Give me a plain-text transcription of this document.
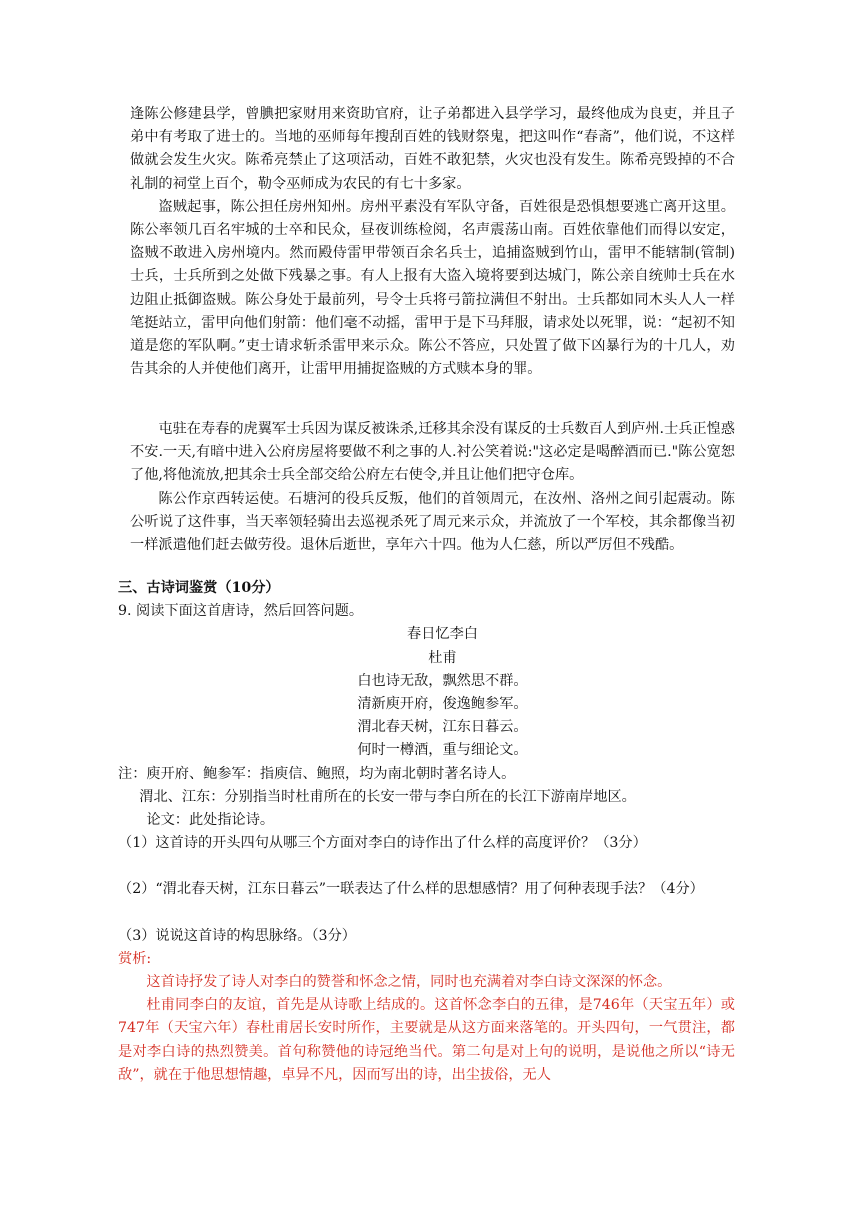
逢陈公修建县学，曾腆把家财用来资助官府，让子弟都进入县学学习，最终他成为良吏，并且子弟中有考取了进士的。当地的巫师每年搜刮百姓的钱财祭鬼，把这叫作“春斋”，他们说，不这样做就会发生火灾。陈希亮禁止了这项活动，百姓不敢犯禁，火灾也没有发生。陈希亮毁掉的不合礼制的祠堂上百个，勒令巫师成为农民的有七十多家。

盗贼起事，陈公担任房州知州。房州平素没有军队守备，百姓很是恐惧想要逃亡离开这里。陈公率领几百名牢城的士卒和民众，昼夜训练检阅，名声震荡山南。百姓依靠他们而得以安定，盗贼不敢进入房州境内。然而殿侍雷甲带领百余名兵士，追捕盗贼到竹山，雷甲不能辖制(管制)士兵，士兵所到之处做下残暴之事。有人上报有大盗入境将要到达城门，陈公亲自统帅士兵在水边阻止抵御盗贼。陈公身处于最前列，号令士兵将弓箭拉满但不射出。士兵都如同木头人人一样笔挺站立，雷甲向他们射箭：他们毫不动摇，雷甲于是下马拜服，请求处以死罪，说：“起初不知道是您的军队啊。”吏士请求斩杀雷甲来示众。陈公不答应，只处置了做下凶暴行为的十几人，劝告其余的人并使他们离开，让雷甲用捕捉盗贼的方式赎本身的罪。

屯驻在寿春的虎翼军士兵因为谋反被诛杀,迁移其余没有谋反的士兵数百人到庐州.士兵正惶惑不安.一天,有暗中进入公府房屋将要做不利之事的人.衬公笑着说:"这必定是喝醉酒而已."陈公宽恕了他,将他流放,把其余士兵全部交给公府左右使令,并且让他们把守仓库。

陈公作京西转运使。石塘河的役兵反叛，他们的首领周元，在汝州、洛州之间引起震动。陈公听说了这件事，当天率领轻骑出去巡视杀死了周元来示众，并流放了一个军校，其余都像当初一样派遣他们赶去做劳役。退休后逝世，享年六十四。他为人仁慈，所以严厉但不残酷。

三、古诗词鉴赏（10分）

9. 阅读下面这首唐诗，然后回答问题。

春日忆李白

杜甫

白也诗无敌，飘然思不群。

清新庾开府，俊逸鲍参军。

渭北春天树，江东日暮云。

何时一樽酒，重与细论文。

注：庾开府、鲍参军：指庾信、鲍照，均为南北朝时著名诗人。

渭北、江东：分别指当时杜甫所在的长安一带与李白所在的长江下游南岸地区。

论文：此处指论诗。

（1）这首诗的开头四句从哪三个方面对李白的诗作出了什么样的高度评价？（3分）

（2）“渭北春天树，江东日暮云”一联表达了什么样的思想感情？用了何种表现手法？（4分）

（3）说说这首诗的构思脉络。（3分）

赏析:

这首诗抒发了诗人对李白的赞誉和怀念之情，同时也充满着对李白诗文深深的怀念。

杜甫同李白的友谊，首先是从诗歌上结成的。这首怀念李白的五律，是746年（天宝五年）或747年（天宝六年）春杜甫居长安时所作，主要就是从这方面来落笔的。开头四句，一气贯注，都是对李白诗的热烈赞美。首句称赞他的诗冠绝当代。第二句是对上句的说明，是说他之所以“诗无敌”，就在于他思想情趣，卓异不凡，因而写出的诗，出尘拔俗，无人
